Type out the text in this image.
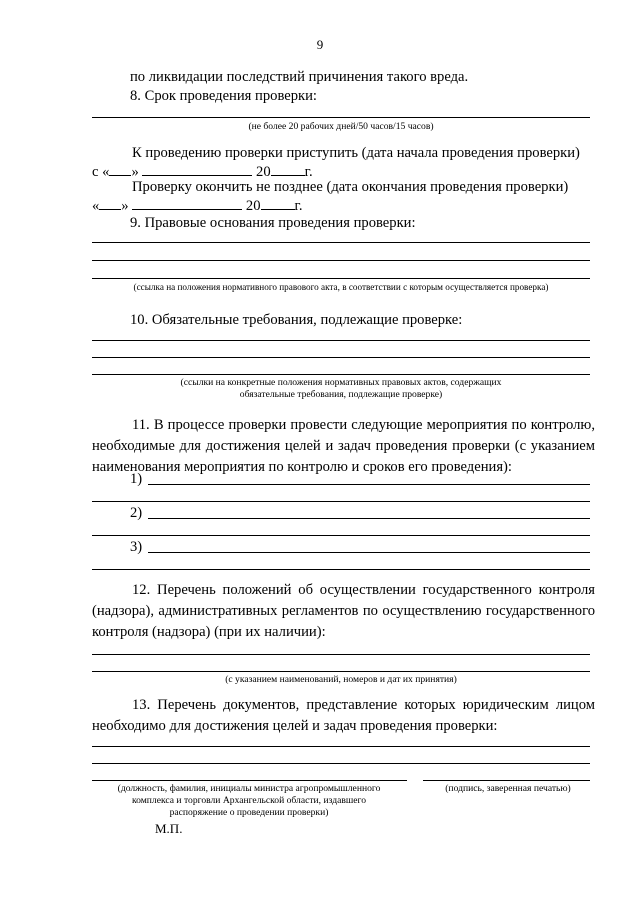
9
по ликвидации последствий причинения такого вреда.
8. Срок проведения проверки:
(не более 20 рабочих дней/50 часов/15 часов)
К проведению проверки приступить (дата начала проведения проверки)
с « »	20 г.
Проверку окончить не позднее (дата окончания проведения проверки)
« »	20 г.
9. Правовые основания проведения проверки:
(ссылка на положения нормативного правового акта, в соответствии с которым осуществляется проверка)
10. Обязательные требования, подлежащие проверке:
(ссылки на конкретные положения нормативных правовых актов, содержащих
обязательные требования, подлежащие проверке)
11. В процессе проверки провести следующие мероприятия по контролю, необходимые для достижения целей и задач проведения проверки (с указанием наименования мероприятия по контролю и сроков его проведения):
1)
2)
3)
12. Перечень положений об осуществлении государственного контроля (надзора), административных регламентов по осуществлению государственного контроля (надзора) (при их наличии):
(с указанием наименований, номеров и дат их принятия)
13. Перечень документов, представление которых юридическим лицом необходимо для достижения целей и задач проведения проверки:
(должность, фамилия, инициалы министра агропромышленного
комплекса и торговли Архангельской области, издавшего
распоряжение о проведении проверки)
(подпись, заверенная печатью)
М.П.
